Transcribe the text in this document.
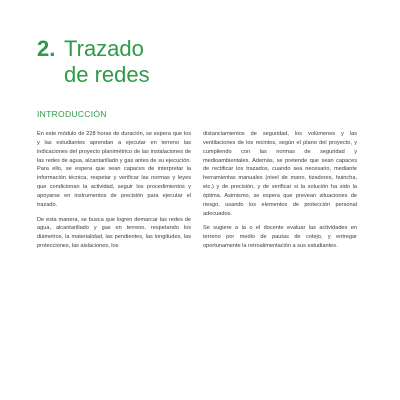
2. Trazado
de redes
INTRODUCCIÓN

En este módulo de 228 horas de duración, se espera que los y las estudiantes aprendan a ejecutar en terreno las indicaciones del proyecto planimétrico de las instalaciones de las redes de agua, alcantarillado y gas antes de su ejecución. Para ello, se espera que sean capaces de interpretar la información técnica, respetar y verificar las normas y leyes que condicionan la actividad, seguir los procedimientos y apoyarse en instrumentos de precisión para ejecutar el trazado.

De esta manera, se busca que logren demarcar las redes de agua, alcantarillado y gas en terreno, respetando los diámetros, la materialidad, las pendientes, las longitudes, las protecciones, las aislaciones, los

distanciamientos de seguridad, los volúmenes y las ventilaciones de los recintos, según el plano del proyecto, y cumpliendo con las normas de seguridad y medioambientales. Además, se pretende que sean capaces de rectificar los trazados, cuando sea necesario, mediante herramientas manuales (nivel de mano, tizadores, huincha, etc.) y de precisión, y de verificar si la solución ha sido la óptima. Asimismo, se espera que prevean situaciones de riesgo, usando los elementos de protección personal adecuados.

Se sugiere a la o el docente evaluar las actividades en terreno por medio de pautas de cotejo, y entregar oportunamente la retroalimentación a sus estudiantes.
